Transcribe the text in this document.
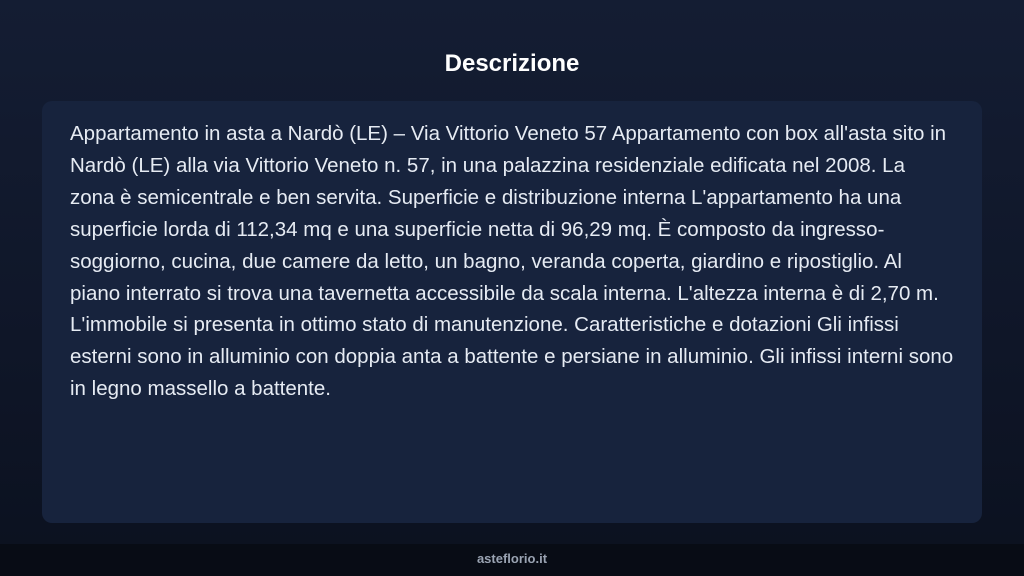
Descrizione

Appartamento in asta a Nardò (LE) – Via Vittorio Veneto 57 Appartamento con box all'asta sito in Nardò (LE) alla via Vittorio Veneto n. 57, in una palazzina residenziale edificata nel 2008. La zona è semicentrale e ben servita. Superficie e distribuzione interna L'appartamento ha una superficie lorda di 112,34 mq e una superficie netta di 96,29 mq. È composto da ingresso-soggiorno, cucina, due camere da letto, un bagno, veranda coperta, giardino e ripostiglio. Al piano interrato si trova una tavernetta accessibile da scala interna. L'altezza interna è di 2,70 m. L'immobile si presenta in ottimo stato di manutenzione. Caratteristiche e dotazioni Gli infissi esterni sono in alluminio con doppia anta a battente e persiane in alluminio. Gli infissi interni sono in legno massello a battente.

asteflorio.it
